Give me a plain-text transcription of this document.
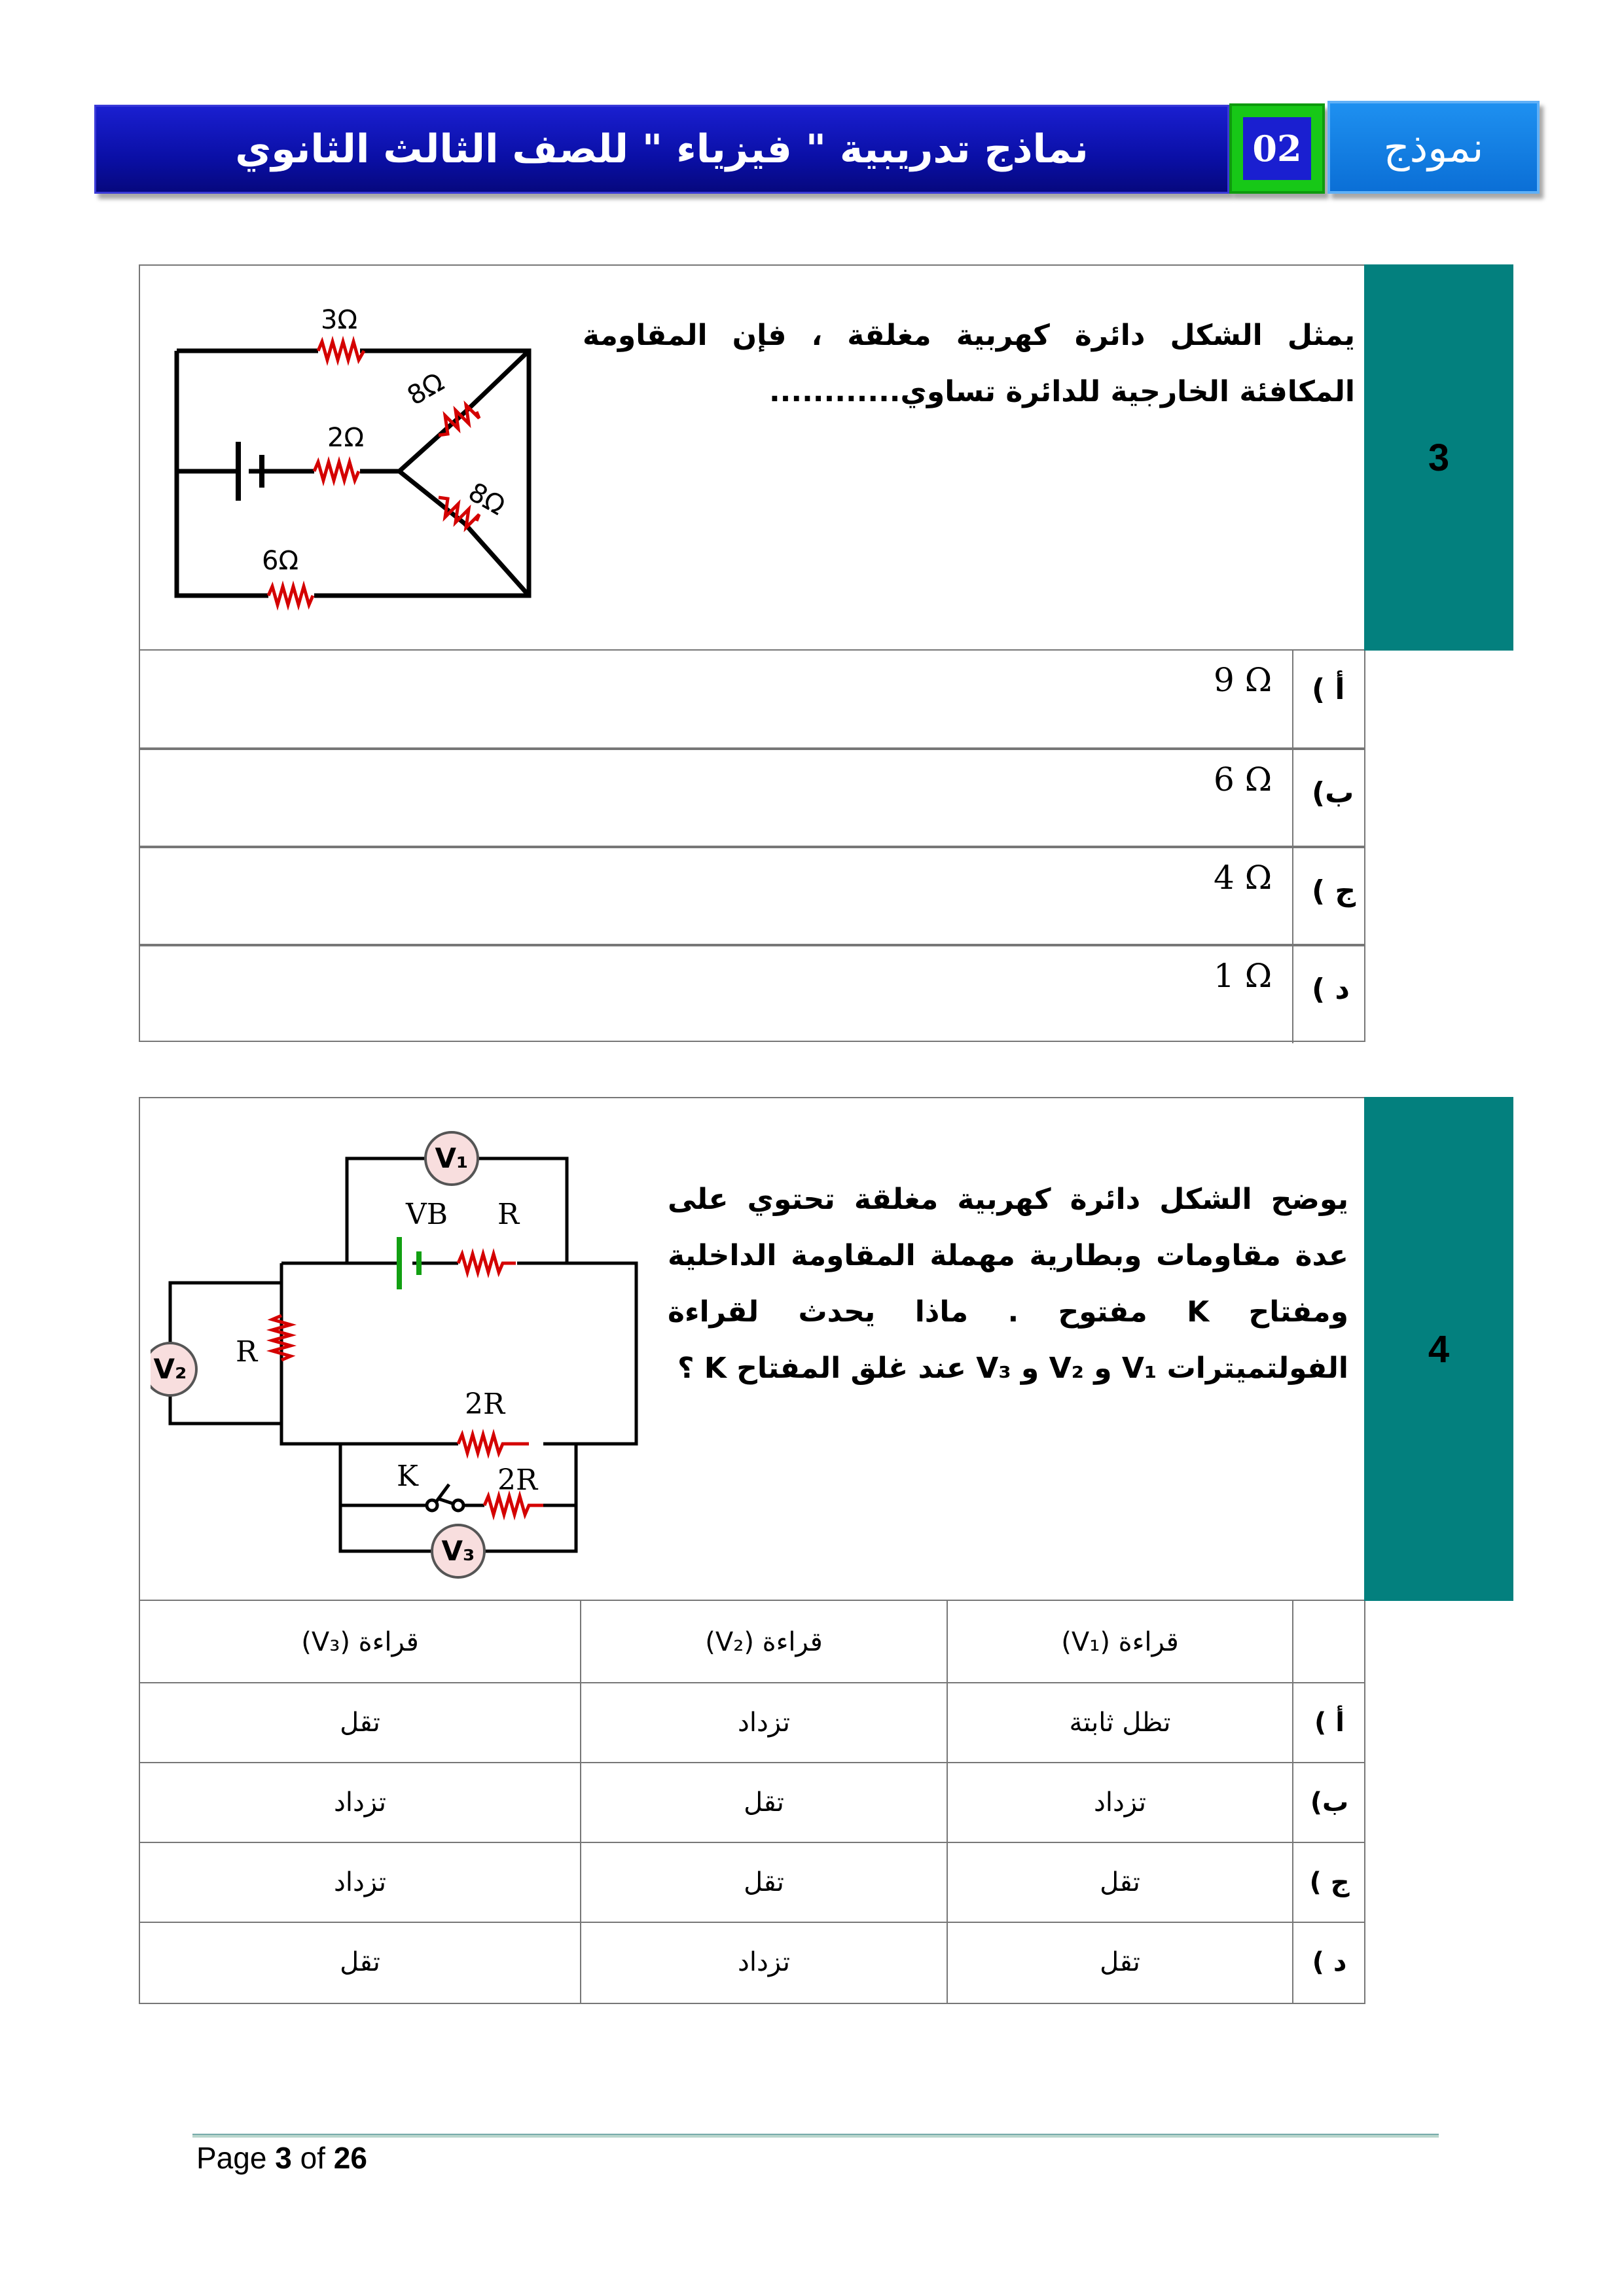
نماذج تدريبية " فيزياء " للصف الثالث الثانوي	02 نموذج
3
يمثل الشكل دائرة كهربية مغلقة ، فإن المقاومة المكافئة الخارجية للدائرة تساوي............
3Ω
8Ω
2Ω
8Ω
6Ω
أ )
9 Ω
ب)
6 Ω
ج )
4 Ω
د )
1 Ω
4
يوضح الشكل دائرة كهربية مغلقة تحتوي على عدة مقاومات وبطارية مهملة المقاومة الداخلية ومفتاح K مفتوح . ماذا يحدث لقراءة الفولتميترات V₁ و V₂ و V₃ عند غلق المفتاح K ؟
V₁
V₂
V₃
VB R
R
2R
2R
K
قراءة (V₃)	قراءة (V₂)	قراءة (V₁)
تقل	تزداد	تظل ثابتة	أ )
تزداد	تقل	تزداد	ب)
تزداد	تقل	تقل	ج )
تقل	تزداد	تقل	د )
Page 3 of 26
